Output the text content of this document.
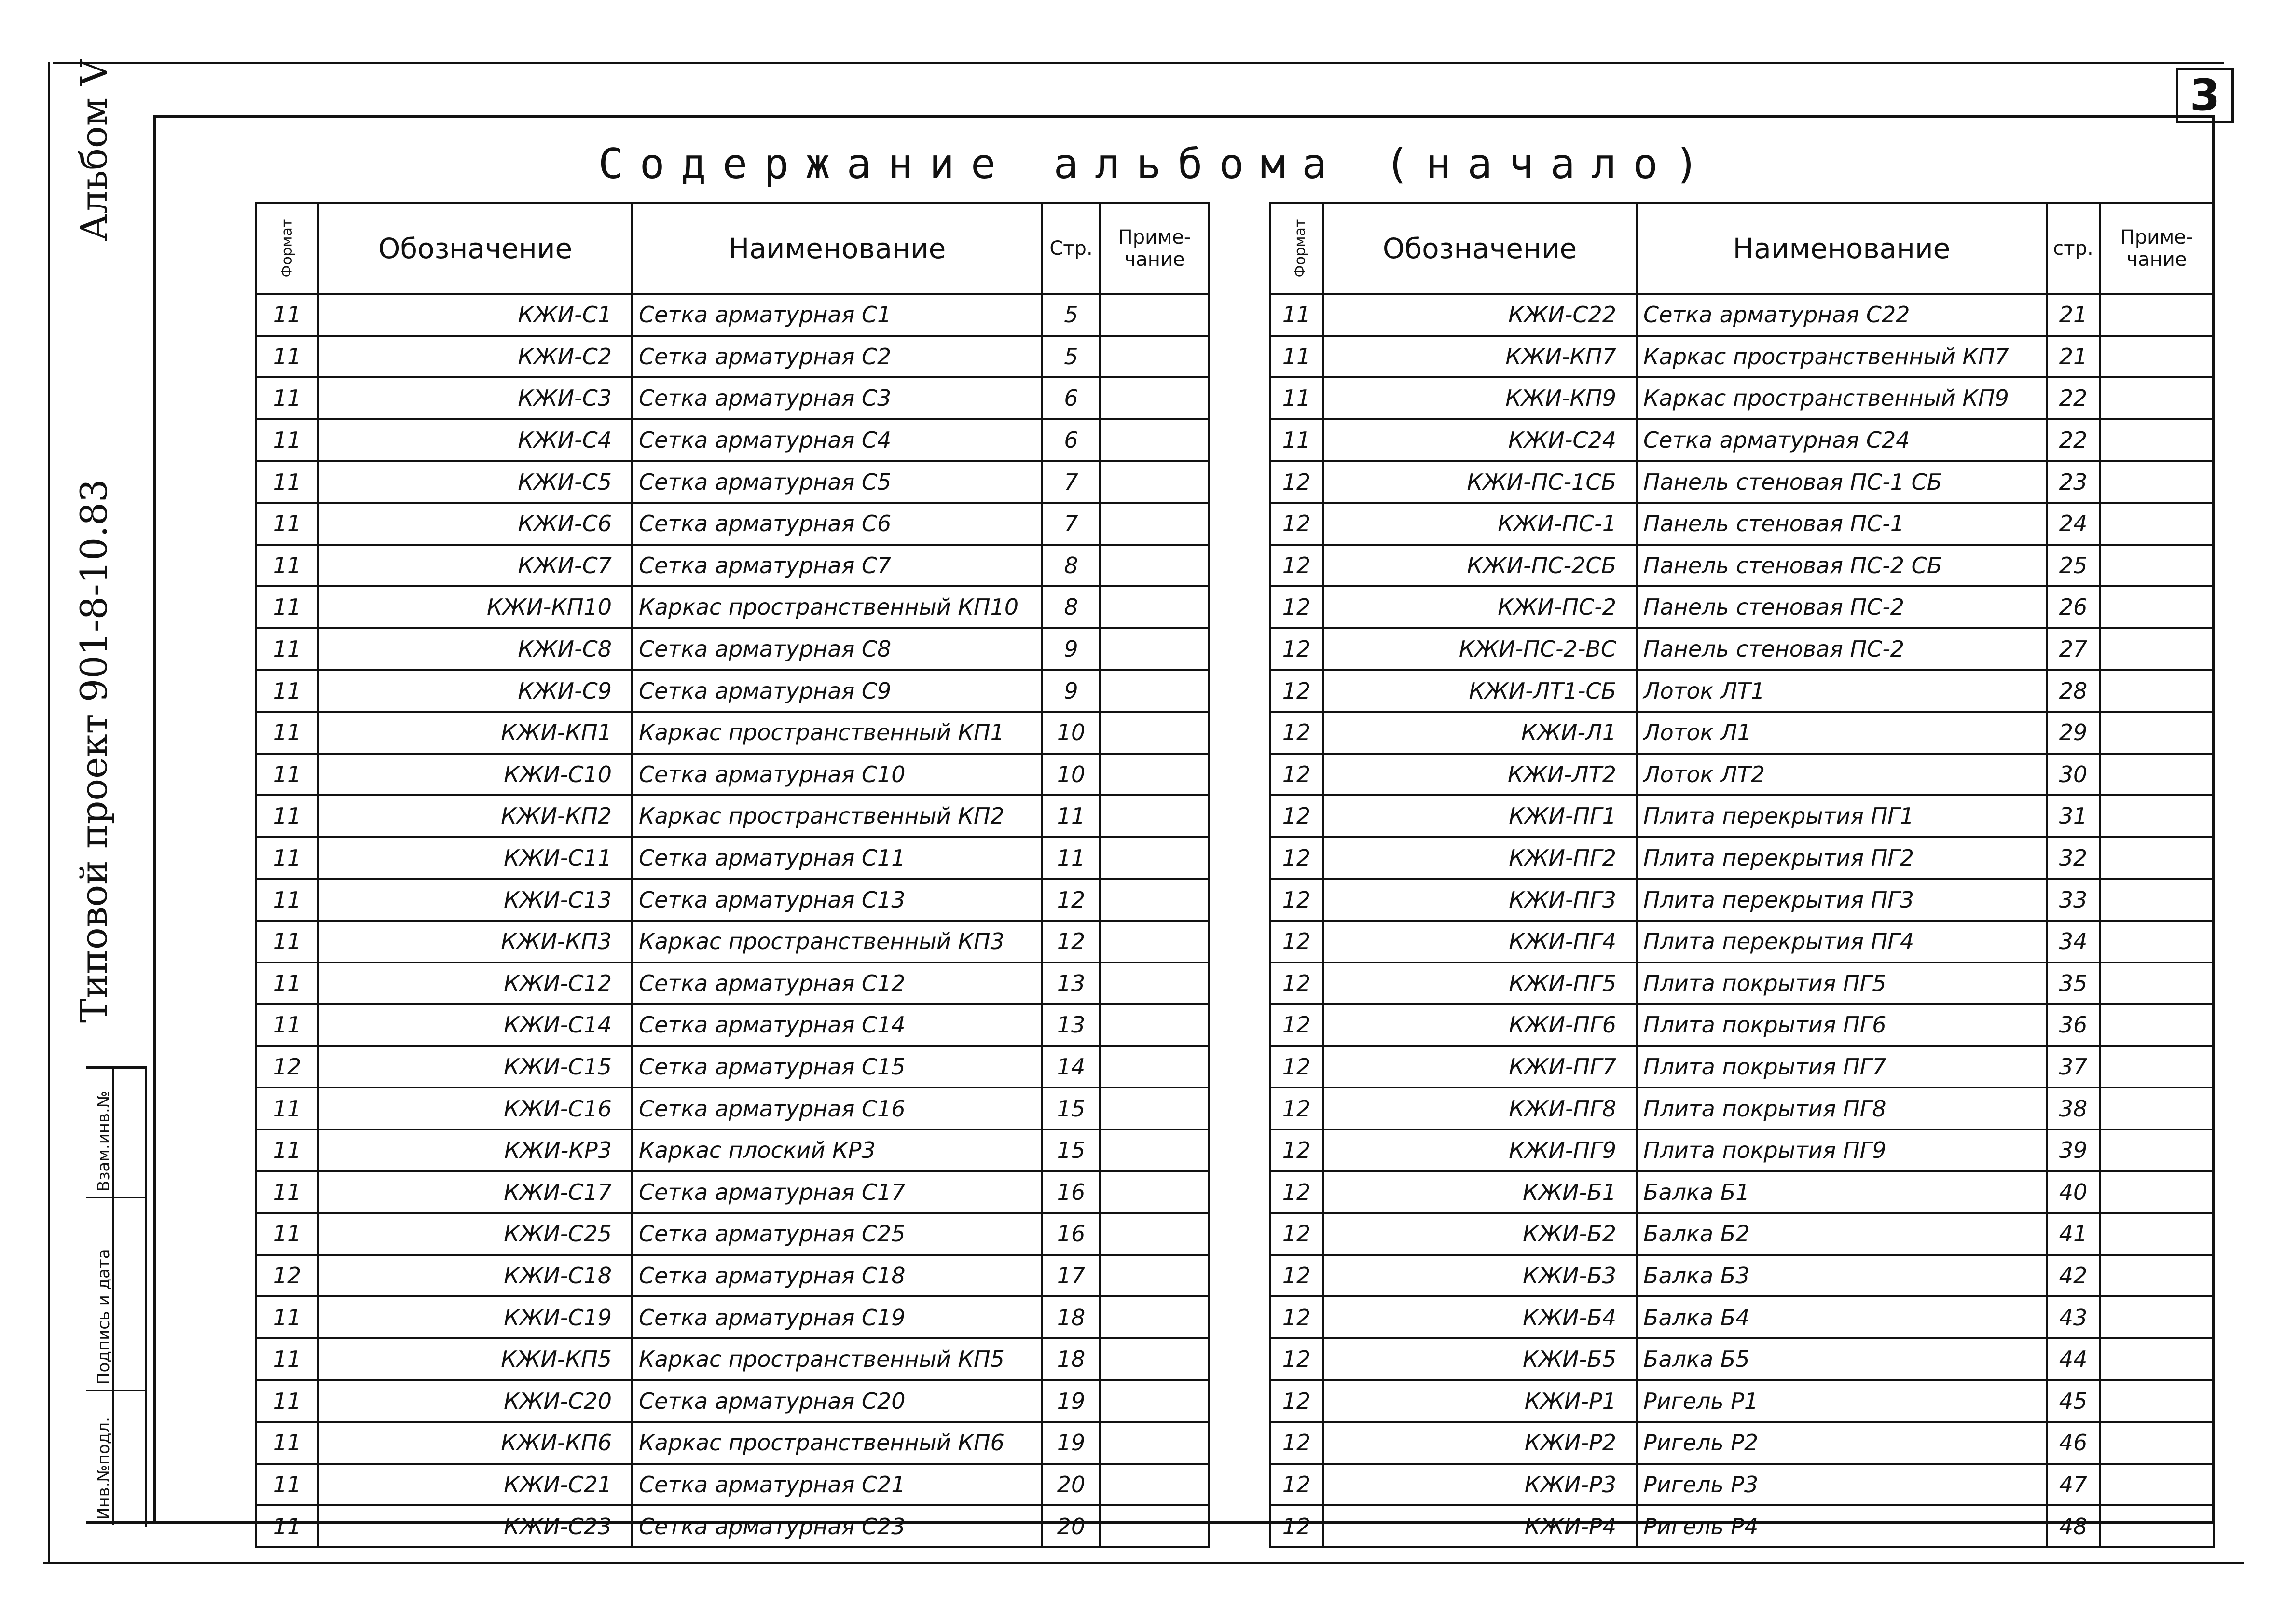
3
Содержание альбома (начало)
Альбом V
Типовой проект 901-8-10.83
Инв.№подл.
Подпись и дата
Взам.инв.№
Формат	Обозначение	Наименование	Стр.	Приме-чание
11	КЖИ-С1	Сетка арматурная С1	5	
11	КЖИ-С2	Сетка арматурная С2	5	
11	КЖИ-С3	Сетка арматурная С3	6	
11	КЖИ-С4	Сетка арматурная С4	6	
11	КЖИ-С5	Сетка арматурная С5	7	
11	КЖИ-С6	Сетка арматурная С6	7	
11	КЖИ-С7	Сетка арматурная С7	8	
11	КЖИ-КП10	Каркас пространственный КП10	8	
11	КЖИ-С8	Сетка арматурная С8	9	
11	КЖИ-С9	Сетка арматурная С9	9	
11	КЖИ-КП1	Каркас пространственный КП1	10	
11	КЖИ-С10	Сетка арматурная С10	10	
11	КЖИ-КП2	Каркас пространственный КП2	11	
11	КЖИ-С11	Сетка арматурная С11	11	
11	КЖИ-С13	Сетка арматурная С13	12	
11	КЖИ-КП3	Каркас пространственный КП3	12	
11	КЖИ-С12	Сетка арматурная С12	13	
11	КЖИ-С14	Сетка арматурная С14	13	
12	КЖИ-С15	Сетка арматурная С15	14	
11	КЖИ-С16	Сетка арматурная С16	15	
11	КЖИ-КР3	Каркас плоский КР3	15	
11	КЖИ-С17	Сетка арматурная С17	16	
11	КЖИ-С25	Сетка арматурная С25	16	
12	КЖИ-С18	Сетка арматурная С18	17	
11	КЖИ-С19	Сетка арматурная С19	18	
11	КЖИ-КП5	Каркас пространственный КП5	18	
11	КЖИ-С20	Сетка арматурная С20	19	
11	КЖИ-КП6	Каркас пространственный КП6	19	
11	КЖИ-С21	Сетка арматурная С21	20	
11	КЖИ-С23	Сетка арматурная С23	20	
Формат	Обозначение	Наименование	стр.	Приме-чание
11	КЖИ-С22	Сетка арматурная С22	21	
11	КЖИ-КП7	Каркас пространственный КП7	21	
11	КЖИ-КП9	Каркас пространственный КП9	22	
11	КЖИ-С24	Сетка арматурная С24	22	
12	КЖИ-ПС-1СБ	Панель стеновая ПС-1 СБ	23	
12	КЖИ-ПС-1	Панель стеновая ПС-1	24	
12	КЖИ-ПС-2СБ	Панель стеновая ПС-2 СБ	25	
12	КЖИ-ПС-2	Панель стеновая ПС-2	26	
12	КЖИ-ПС-2-ВС	Панель стеновая ПС-2	27	
12	КЖИ-ЛТ1-СБ	Лоток ЛТ1	28	
12	КЖИ-Л1	Лоток Л1	29	
12	КЖИ-ЛТ2	Лоток ЛТ2	30	
12	КЖИ-ПГ1	Плита перекрытия ПГ1	31	
12	КЖИ-ПГ2	Плита перекрытия ПГ2	32	
12	КЖИ-ПГ3	Плита перекрытия ПГ3	33	
12	КЖИ-ПГ4	Плита перекрытия ПГ4	34	
12	КЖИ-ПГ5	Плита покрытия ПГ5	35	
12	КЖИ-ПГ6	Плита покрытия ПГ6	36	
12	КЖИ-ПГ7	Плита покрытия ПГ7	37	
12	КЖИ-ПГ8	Плита покрытия ПГ8	38	
12	КЖИ-ПГ9	Плита покрытия ПГ9	39	
12	КЖИ-Б1	Балка Б1	40	
12	КЖИ-Б2	Балка Б2	41	
12	КЖИ-Б3	Балка Б3	42	
12	КЖИ-Б4	Балка Б4	43	
12	КЖИ-Б5	Балка Б5	44	
12	КЖИ-Р1	Ригель Р1	45	
12	КЖИ-Р2	Ригель Р2	46	
12	КЖИ-Р3	Ригель Р3	47	
12	КЖИ-Р4	Ригель Р4	48	
